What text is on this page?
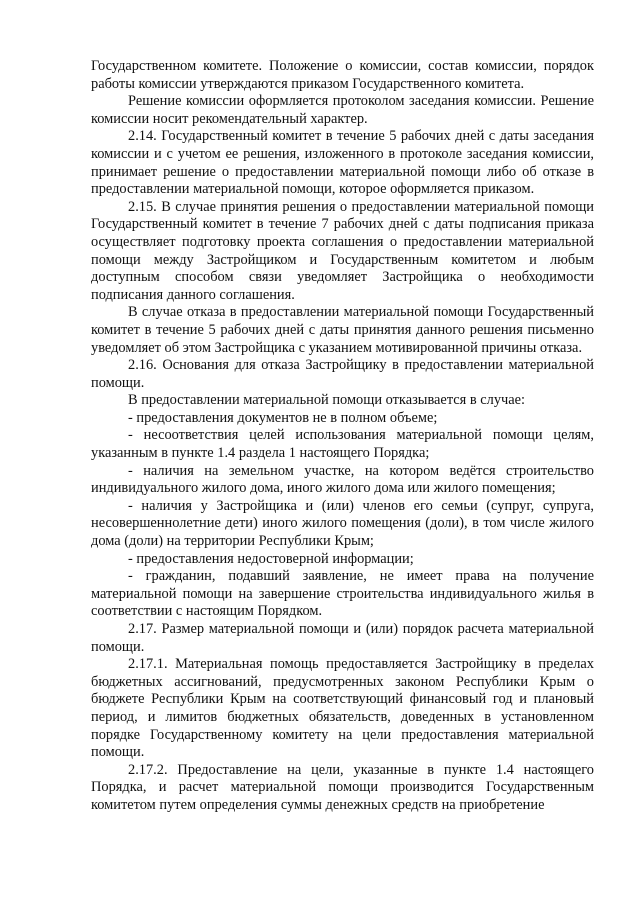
Государственном комитете. Положение о комиссии, состав комиссии, порядок работы комиссии утверждаются приказом Государственного комитета.

Решение комиссии оформляется протоколом заседания комиссии. Решение комиссии носит рекомендательный характер.

2.14. Государственный комитет в течение 5 рабочих дней с даты заседания комиссии и с учетом ее решения, изложенного в протоколе заседания комиссии, принимает решение о предоставлении материальной помощи либо об отказе в предоставлении материальной помощи, которое оформляется приказом.

2.15. В случае принятия решения о предоставлении материальной помощи Государственный комитет в течение 7 рабочих дней с даты подписания приказа осуществляет подготовку проекта соглашения о предоставлении материальной помощи между Застройщиком и Государственным комитетом и любым доступным способом связи уведомляет Застройщика о необходимости подписания данного соглашения.

В случае отказа в предоставлении материальной помощи Государственный комитет в течение 5 рабочих дней с даты принятия данного решения письменно уведомляет об этом Застройщика с указанием мотивированной причины отказа.

2.16. Основания для отказа Застройщику в предоставлении материальной помощи.

В предоставлении материальной помощи отказывается в случае:

- предоставления документов не в полном объеме;

- несоответствия целей использования материальной помощи целям, указанным в пункте 1.4 раздела 1 настоящего Порядка;

- наличия на земельном участке, на котором ведётся строительство индивидуального жилого дома, иного жилого дома или жилого помещения;

- наличия у Застройщика и (или) членов его семьи (супруг, супруга, несовершеннолетние дети) иного жилого помещения (доли), в том числе жилого дома (доли) на территории Республики Крым;

- предоставления недостоверной информации;

- гражданин, подавший заявление, не имеет права на получение материальной помощи на завершение строительства индивидуального жилья в соответствии с настоящим Порядком.

2.17. Размер материальной помощи и (или) порядок расчета материальной помощи.

2.17.1. Материальная помощь предоставляется Застройщику в пределах бюджетных ассигнований, предусмотренных законом Республики Крым о бюджете Республики Крым на соответствующий финансовый год и плановый период, и лимитов бюджетных обязательств, доведенных в установленном порядке Государственному комитету на цели предоставления материальной помощи.

2.17.2. Предоставление на цели, указанные в пункте 1.4 настоящего Порядка, и расчет материальной помощи производится Государственным комитетом путем определения суммы денежных средств на приобретение
